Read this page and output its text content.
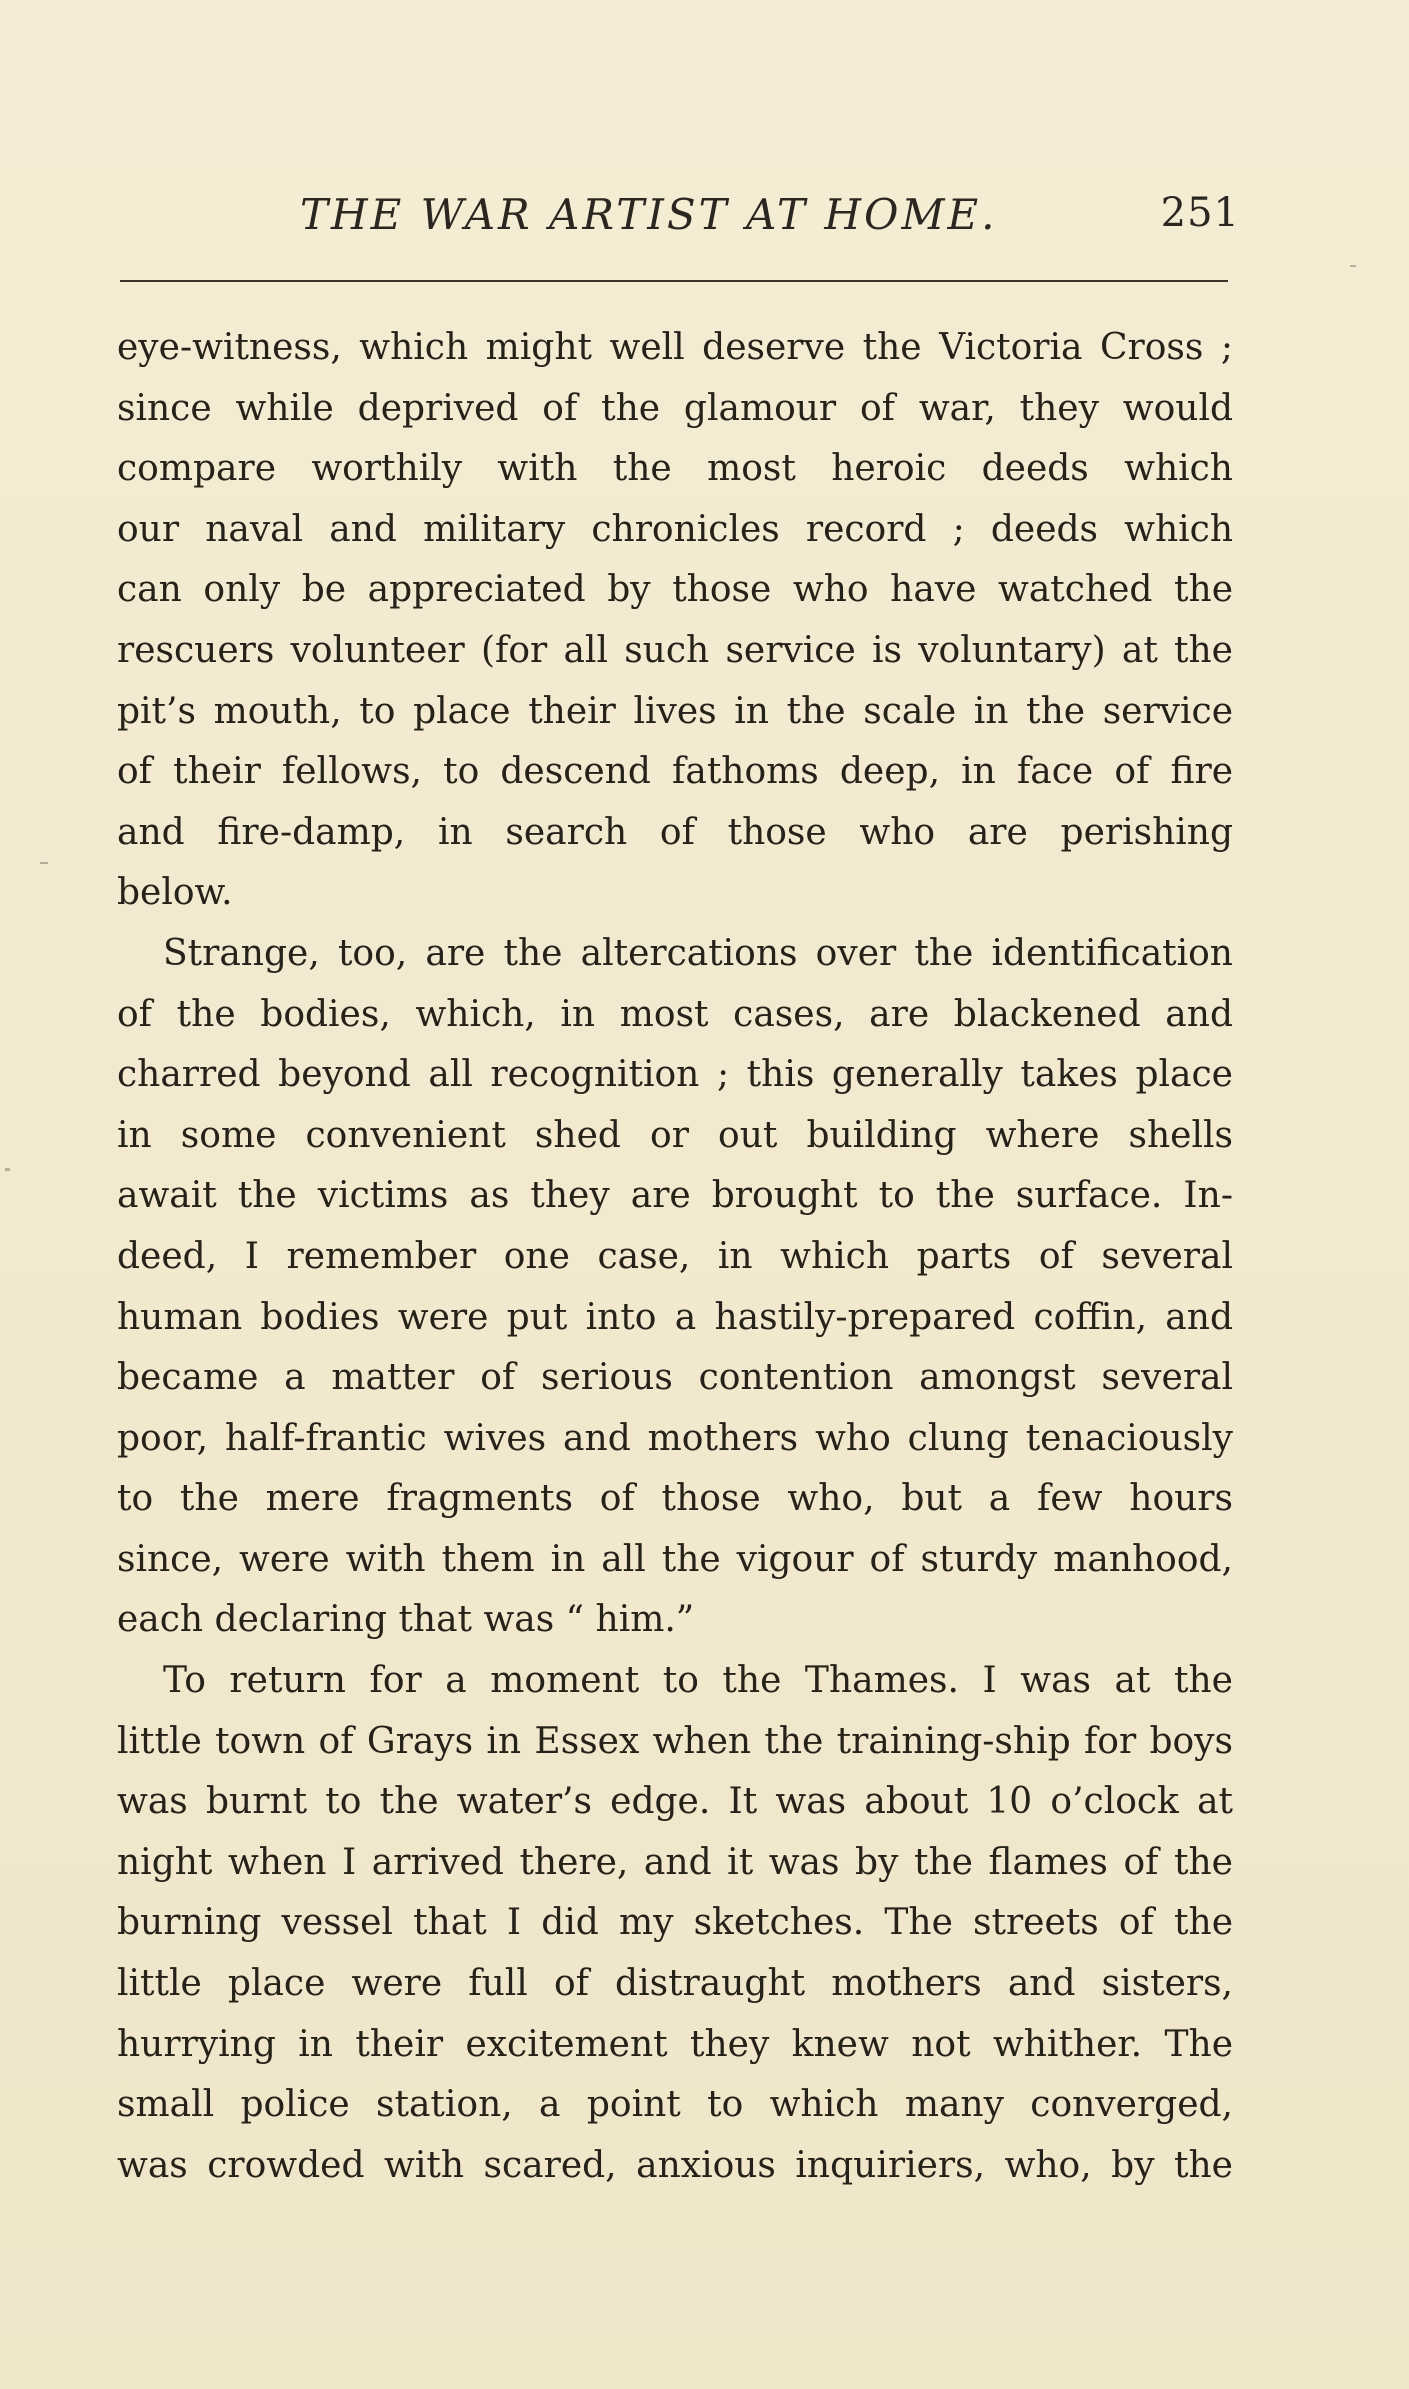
THE WAR ARTIST AT HOME.	251
eye-witness, which might well deserve the Victoria Cross ;
since while deprived of the glamour of war, they would
compare worthily with the most heroic deeds which
our naval and military chronicles record ; deeds which
can only be appreciated by those who have watched the
rescuers volunteer (for all such service is voluntary) at the
pit’s mouth, to place their lives in the scale in the service
of their fellows, to descend fathoms deep, in face of fire
and fire-damp, in search of those who are perishing
below.
Strange, too, are the altercations over the identification
of the bodies, which, in most cases, are blackened and
charred beyond all recognition ; this generally takes place
in some convenient shed or out building where shells
await the victims as they are brought to the surface. In-
deed, I remember one case, in which parts of several
human bodies were put into a hastily-prepared coffin, and
became a matter of serious contention amongst several
poor, half-frantic wives and mothers who clung tenaciously
to the mere fragments of those who, but a few hours
since, were with them in all the vigour of sturdy manhood,
each declaring that was “ him.”
To return for a moment to the Thames. I was at the
little town of Grays in Essex when the training-ship for boys
was burnt to the water’s edge. It was about 10 o’clock at
night when I arrived there, and it was by the flames of the
burning vessel that I did my sketches. The streets of the
little place were full of distraught mothers and sisters,
hurrying in their excitement they knew not whither. The
small police station, a point to which many converged,
was crowded with scared, anxious inquiriers, who, by the
